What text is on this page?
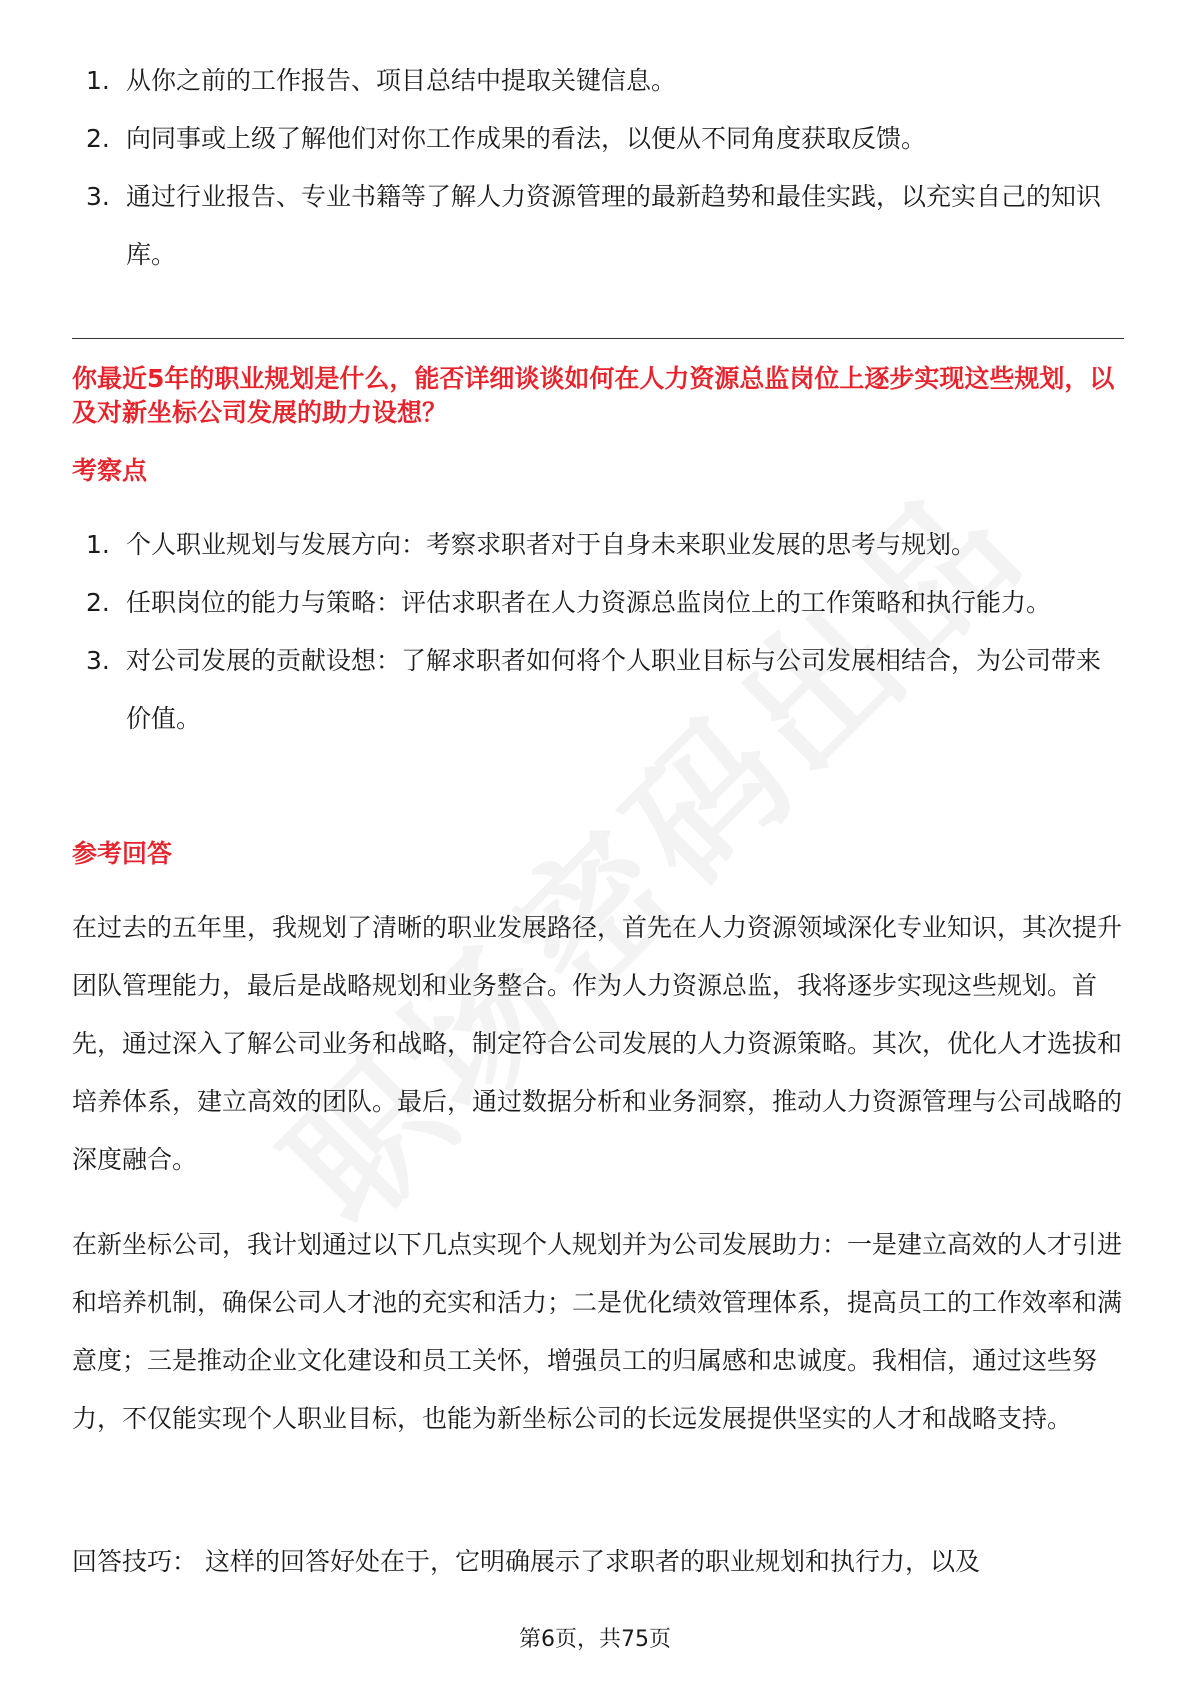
1. 从你之前的工作报告、项目总结中提取关键信息。
2. 向同事或上级了解他们对你工作成果的看法，以便从不同角度获取反馈。
3. 通过行业报告、专业书籍等了解人力资源管理的最新趋势和最佳实践，以充实自己的知识库。
你最近5年的职业规划是什么，能否详细谈谈如何在人力资源总监岗位上逐步实现这些规划，以及对新坐标公司发展的助力设想？
考察点
1. 个人职业规划与发展方向：考察求职者对于自身未来职业发展的思考与规划。
2. 任职岗位的能力与策略：评估求职者在人力资源总监岗位上的工作策略和执行能力。
3. 对公司发展的贡献设想：了解求职者如何将个人职业目标与公司发展相结合，为公司带来价值。
参考回答

在过去的五年里，我规划了清晰的职业发展路径，首先在人力资源领域深化专业知识，其次提升团队管理能力，最后是战略规划和业务整合。作为人力资源总监，我将逐步实现这些规划。首先，通过深入了解公司业务和战略，制定符合公司发展的人力资源策略。其次，优化人才选拔和培养体系，建立高效的团队。最后，通过数据分析和业务洞察，推动人力资源管理与公司战略的深度融合。

在新坐标公司，我计划通过以下几点实现个人规划并为公司发展助力：一是建立高效的人才引进和培养机制，确保公司人才池的充实和活力；二是优化绩效管理体系，提高员工的工作效率和满意度；三是推动企业文化建设和员工关怀，增强员工的归属感和忠诚度。我相信，通过这些努力，不仅能实现个人职业目标，也能为新坐标公司的长远发展提供坚实的人才和战略支持。

回答技巧： 这样的回答好处在于，它明确展示了求职者的职业规划和执行力，以及

第6页，共75页
